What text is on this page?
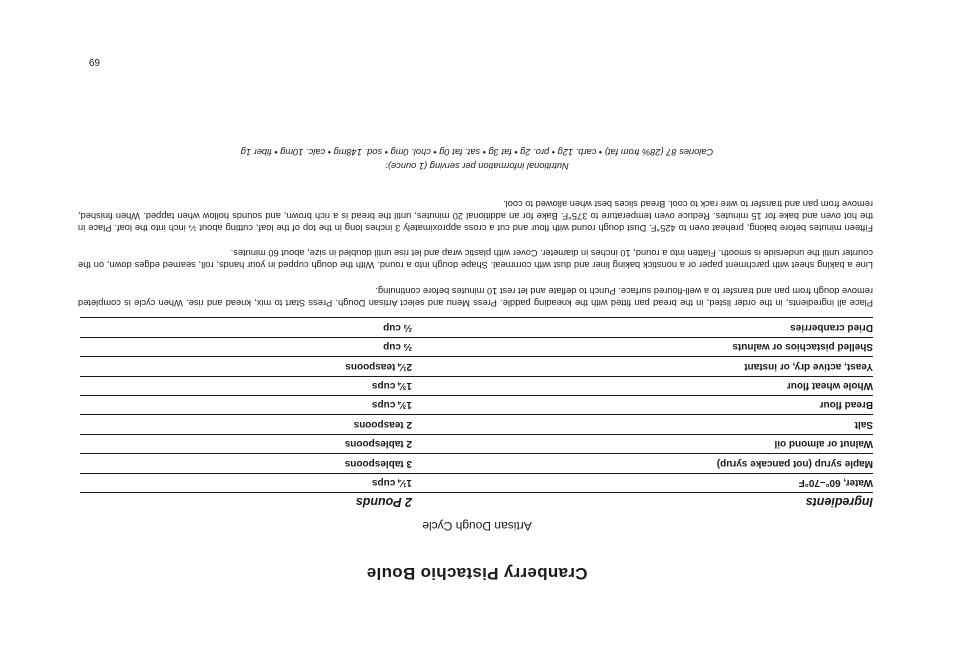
Cranberry Pistachio Boule
Artisan Dough Cycle
Ingredients
2 Pounds
Water, 60°–70°F
1¼ cups
Maple syrup (not pancake syrup)
3 tablespoons
Walnut or almond oil
2 tablespoons
Salt
2 teaspoons
Bread flour
1¾ cups
Whole wheat flour
1¾ cups
Yeast, active dry, or instant
2¼ teaspoons
Shelled pistachios or walnuts
⅔ cup
Dried cranberries
⅔ cup

Place all ingredients, in the order listed, in the bread pan fitted with the kneading paddle. Press Menu and select Artisan Dough. Press Start to mix, knead and rise. When cycle is completed remove dough from pan and transfer to a well-floured surface. Punch to deflate and let rest 10 minutes before continuing.

Line a baking sheet with parchment paper or a nonstick baking liner and dust with cornmeal. Shape dough into a round. With the dough cupped in your hands, roll, seamed edges down, on the counter until the underside is smooth. Flatten into a round, 10 inches in diameter. Cover with plastic wrap and let rise until doubled in size, about 60 minutes.

Fifteen minutes before baking, preheat oven to 425°F. Dust dough round with flour and cut a cross approximately 3 inches long in the top of the loaf, cutting about ¼ inch into the loaf. Place in the hot oven and bake for 15 minutes. Reduce oven temperature to 375°F. Bake for an additional 20 minutes, until the bread is a rich brown, and sounds hollow when tapped. When finished, remove from pan and transfer to wire rack to cool. Bread slices best when allowed to cool.

Nutritional information per serving (1 ounce):
Calories 87 (28% from fat) • carb. 12g • pro. 2g • fat 3g • sat. fat 0g • chol. 0mg • sod. 148mg • calc. 10mg • fiber 1g
69
